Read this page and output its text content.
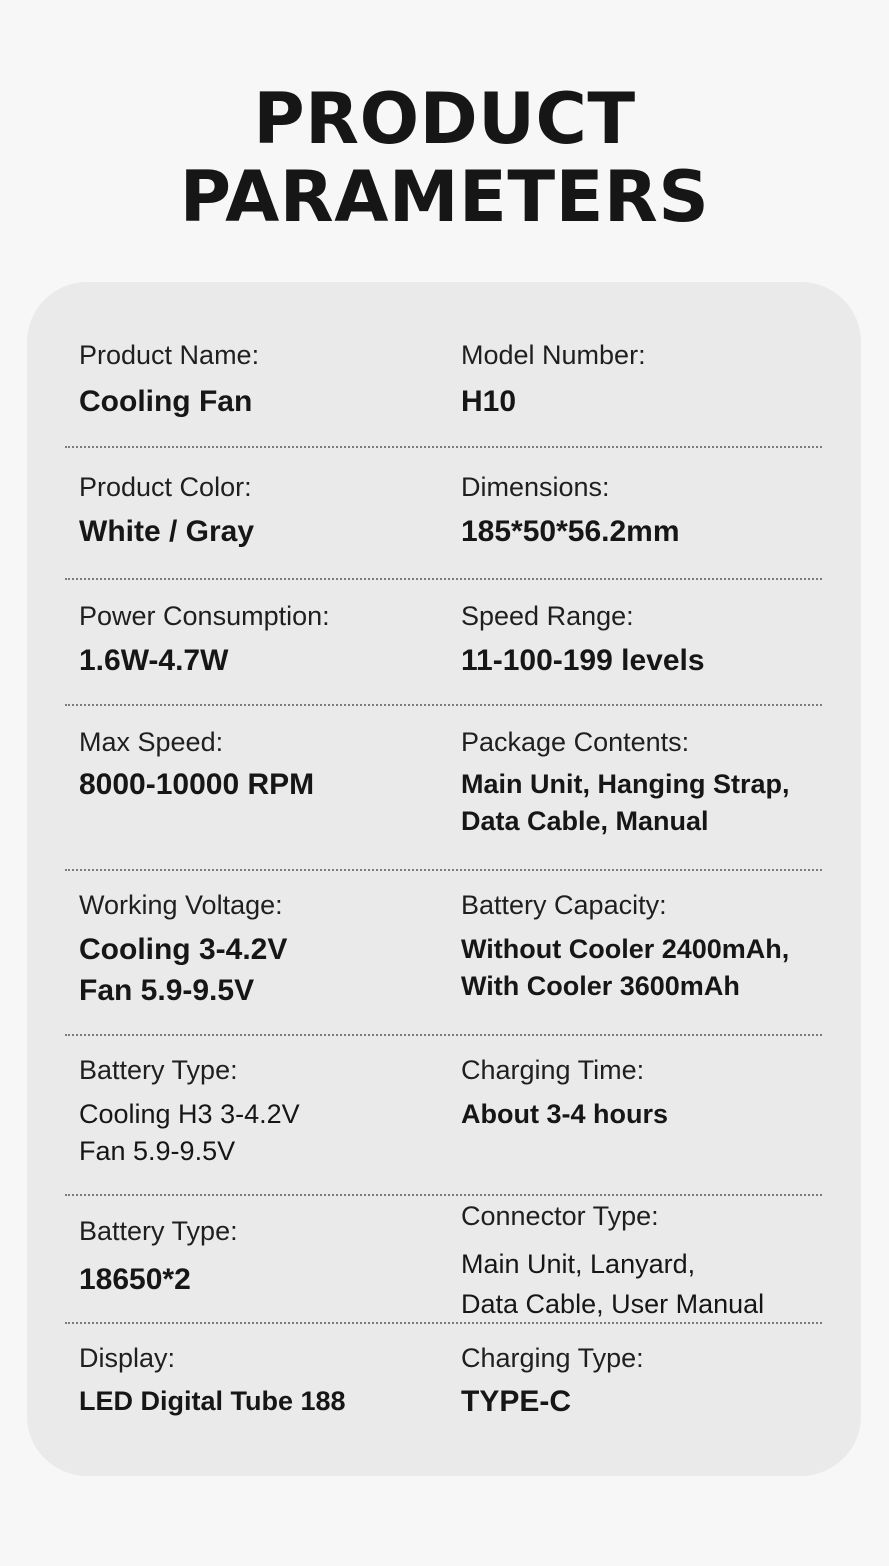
PRODUCT
PARAMETERS
Product Name:
Cooling Fan
Model Number:
H10
Product Color:
White / Gray
Dimensions:
185*50*56.2mm
Power Consumption:
1.6W-4.7W
Speed Range:
11-100-199 levels
Max Speed:
8000-10000 RPM
Package Contents:
Main Unit, Hanging Strap,
Data Cable, Manual
Working Voltage:
Cooling 3-4.2V
Fan 5.9-9.5V
Battery Capacity:
Without Cooler 2400mAh,
With Cooler 3600mAh
Battery Type:
Cooling H3 3-4.2V
Fan 5.9-9.5V
Charging Time:
About 3-4 hours
Battery Type:
18650*2
Connector Type:
Main Unit, Lanyard,
Data Cable, User Manual
Display:
LED Digital Tube 188
Charging Type:
TYPE-C
